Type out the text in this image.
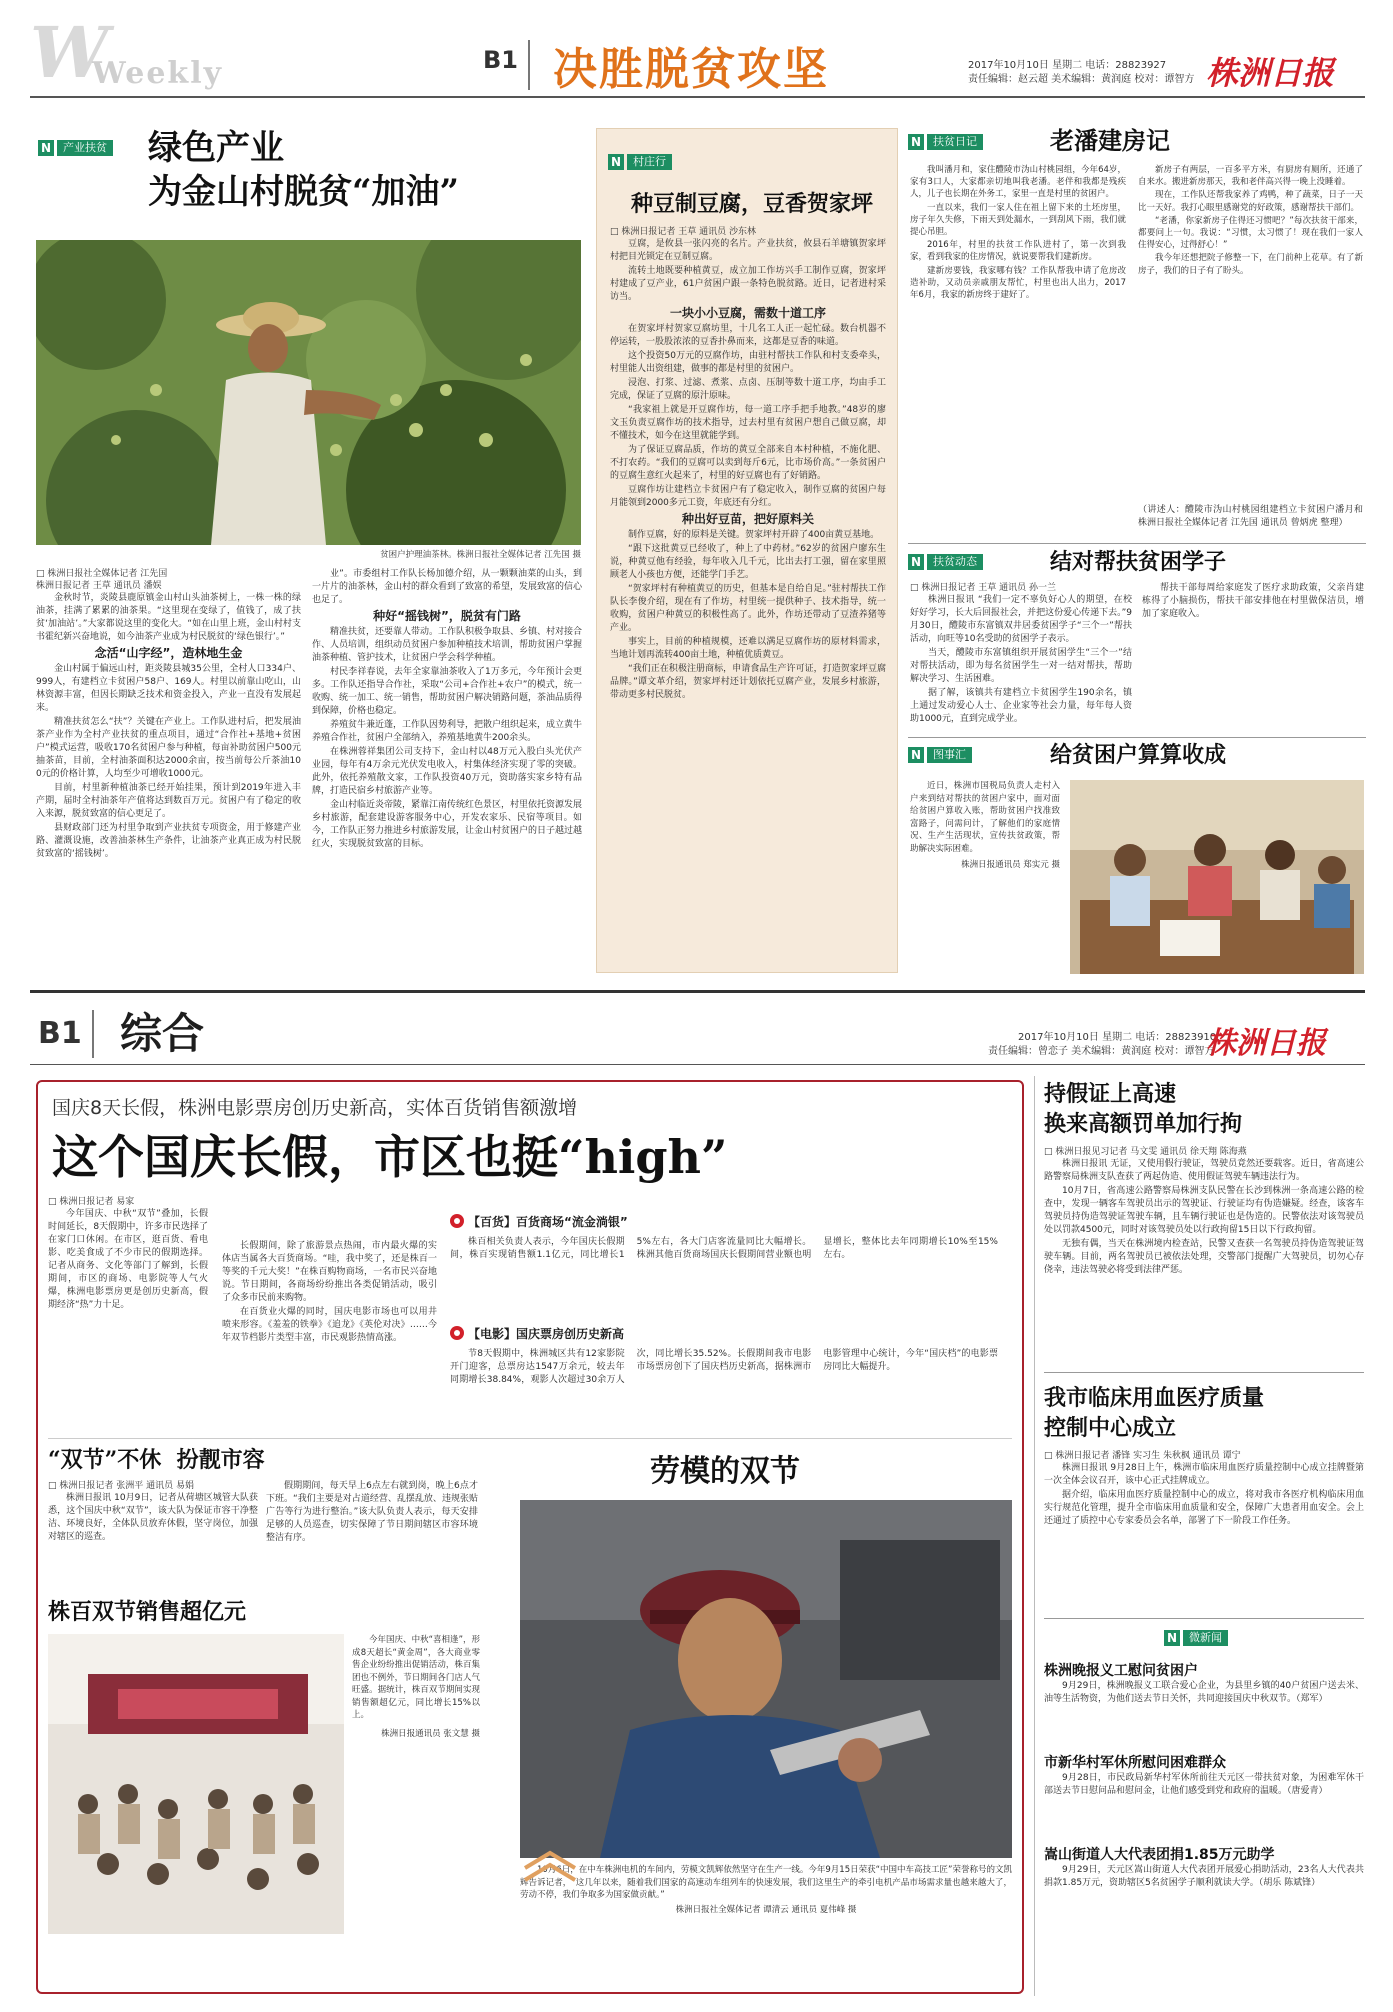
W
Weekly	B1 决胜脱贫攻坚	2017年10月10日 星期二 电话：28823927
责任编辑：赵云超 美术编辑：黄润庭 校对：谭智方 株洲日报
N	产业扶贫 绿色产业
为金山村脱贫“加油”
贫困户护理油茶林。株洲日报社全媒体记者 江先国 摄
□ 株洲日报社全媒体记者 江先国
株洲日报记者 王草 通讯员 潘娱

金秋时节，炎陵县鹿原镇金山村山头油茶树上，一株一株的绿油茶，挂满了累累的油茶果。“这里现在变绿了，值钱了，成了扶贫‘加油站’。”大家都说这里的变化大。“如在山里上班，金山村村支书霍纪新兴奋地说，如今油茶产业成为村民脱贫的‘绿色银行’。”

念活“山字经”，造林地生金

金山村属于偏远山村，距炎陵县城35公里，全村人口334户、999人，有建档立卡贫困户58户、169人。村里以前靠山吃山，山林资源丰富，但因长期缺乏技术和资金投入，产业一直没有发展起来。

精准扶贫怎么“扶”？关键在产业上。工作队进村后，把发展油茶产业作为全村产业扶贫的重点项目，通过“合作社+基地+贫困户”模式运营，吸收170名贫困户参与种植，每亩补助贫困户500元抽茶苗，目前，全村油茶面积达2000余亩，按当前每公斤茶油100元的价格计算，人均至少可增收1000元。

目前，村里新种植油茶已经开始挂果，预计到2019年进入丰产期，届时全村油茶年产值将达到数百万元。贫困户有了稳定的收入来源，脱贫致富的信心更足了。

县财政部门还为村里争取到产业扶贫专项资金，用于修建产业路、灌溉设施，改善油茶林生产条件，让油茶产业真正成为村民脱贫致富的‘摇钱树’。

业”。市委组村工作队长杨加德介绍，从一颗颗油菜的山头，到一片片的油茶林，金山村的群众看到了致富的希望，发展致富的信心也足了。

种好“摇钱树”，脱贫有门路

精准扶贫，还要靠人带动。工作队积极争取县、乡镇、村对接合作、人员培训，组织动员贫困户参加种植技术培训，帮助贫困户掌握油茶种植、管护技术，让贫困户学会科学种植。

村民李祥春说，去年全家靠油茶收入了1万多元，今年预计会更多。工作队还指导合作社，采取“公司+合作社+农户”的模式，统一收购、统一加工、统一销售，帮助贫困户解决销路问题，茶油品质得到保障，价格也稳定。

养殖贫牛兼近蓬，工作队因势利导，把散户组织起来，成立黄牛养殖合作社，贫困户全部纳入，养殖基地黄牛200余头。

在株洲蓉祥集团公司支持下，金山村以48万元入股白头光伏产业园，每年有4万余元光伏发电收入，村集体经济实现了零的突破。此外，依托养殖散文家，工作队投资40万元，资助落实家乡特有品牌，打造民宿乡村旅游产业等。

金山村临近炎帝陵，紧靠江南传统红色景区，村里依托资源发展乡村旅游，配套建设游客服务中心，开发农家乐、民宿等项目。如今，工作队正努力推进乡村旅游发展，让金山村贫困户的日子越过越红火，实现脱贫致富的目标。

N	村庄行
种豆制豆腐，豆香贺家坪
□ 株洲日报记者 王草 通讯员 沙东林

豆腐，是攸县一张闪亮的名片。产业扶贫，攸县石羊塘镇贺家坪村把目光锁定在豆制豆腐。

流转土地既要种植黄豆，成立加工作坊兴手工制作豆腐，贺家坪村建成了豆产业，61户贫困户跟一条特色脱贫路。近日，记者进村采访当。

一块小小豆腐，需数十道工序

在贺家坪村贺家豆腐坊里，十几名工人正一起忙碌。数台机器不停运转，一股股浓浓的豆香扑鼻而来，这都是豆香的味道。

这个投资50万元的豆腐作坊，由驻村帮扶工作队和村支委牵头，村里能人出资组建，做事的都是村里的贫困户。

浸泡、打浆、过滤、煮浆、点卤、压制等数十道工序，均由手工完成，保证了豆腐的原汁原味。

“我家祖上就是开豆腐作坊，每一道工序手把手地教。”48岁的廖文玉负责豆腐作坊的技术指导，过去村里有贫困户想自己做豆腐，却不懂技术，如今在这里就能学到。

为了保证豆腐品质，作坊的黄豆全部来自本村种植，不施化肥、不打农药。“我们的豆腐可以卖到每斤6元，比市场价高。”一条贫困户的豆腐生意红火起来了，村里的好豆腐也有了好销路。

豆腐作坊让建档立卡贫困户有了稳定收入，制作豆腐的贫困户每月能领到2000多元工资，年底还有分红。

种出好豆苗，把好原料关

制作豆腐，好的原料是关键。贺家坪村开辟了400亩黄豆基地。

“跟下这批黄豆已经收了，种上了中药材。”62岁的贫困户廖东生说，种黄豆他有经验，每年收入几千元，比出去打工强，留在家里照顾老人小孩也方便，还能学门手艺。

“贺家坪村有种植黄豆的历史，但基本是自给自足。”驻村帮扶工作队长李俊介绍，现在有了作坊，村里统一提供种子、技术指导，统一收购，贫困户种黄豆的积极性高了。此外，作坊还带动了豆渣养猪等产业。

事实上，目前的种植规模，还难以满足豆腐作坊的原材料需求，当地计划再流转400亩土地，种植优质黄豆。

“我们正在积极注册商标，申请食品生产许可证，打造贺家坪豆腐品牌。”谭文革介绍，贺家坪村还计划依托豆腐产业，发展乡村旅游，带动更多村民脱贫。

N	扶贫日记	老潘建房记

我叫潘月和，家住醴陵市沩山村桃园组，今年64岁，家有3口人，大家都亲切地叫我老潘。老伴和我都是残疾人，儿子也长期在外务工，家里一直是村里的贫困户。

一直以来，我们一家人住在祖上留下来的土坯房里，房子年久失修，下雨天到处漏水，一到刮风下雨，我们就提心吊胆。

2016年，村里的扶贫工作队进村了，第一次到我家，看到我家的住房情况，就说要帮我们建新房。

建新房要钱，我家哪有钱？工作队帮我申请了危房改造补助，又动员亲戚朋友帮忙，村里也出人出力，2017年6月，我家的新房终于建好了。

新房子有两层，一百多平方米，有厨房有厕所，还通了自来水。搬进新房那天，我和老伴高兴得一晚上没睡着。

现在，工作队还帮我家养了鸡鸭，种了蔬菜，日子一天比一天好。我打心眼里感谢党的好政策，感谢帮扶干部们。

“老潘，你家新房子住得还习惯吧？”每次扶贫干部来，都要问上一句。我说：“习惯，太习惯了！现在我们一家人住得安心，过得舒心！”

我今年还想把院子修整一下，在门前种上花草。有了新房子，我们的日子有了盼头。

（讲述人：醴陵市沩山村桃园组建档立卡贫困户潘月和 株洲日报社全媒体记者 江先国 通讯员 曾炳虎 整理）
N	扶贫动态	结对帮扶贫困学子
□ 株洲日报记者 王草 通讯员 孙一兰

株洲日报讯 “我们一定不辜负好心人的期望，在校好好学习，长大后回报社会，并把这份爱心传递下去。”9月30日，醴陵市东富镇双井居委贫困学子“三个一”帮扶活动，向旺等10名受助的贫困学子表示。

当天，醴陵市东富镇组织开展贫困学生“三个一”结对帮扶活动，即为每名贫困学生一对一结对帮扶，帮助解决学习、生活困难。

据了解，该镇共有建档立卡贫困学生190余名，镇上通过发动爱心人士、企业家等社会力量，每年每人资助1000元，直到完成学业。

帮扶干部每周给家庭发了医疗求助政策，父亲肖建栋得了小脑损伤，帮扶干部安排他在村里做保洁员，增加了家庭收入。

N	图事汇	给贫困户算算收成

近日，株洲市国税局负责人走村入户来到结对帮扶的贫困户家中，面对面给贫困户算收入账，帮助贫困户找准致富路子，问需问计，了解他们的家庭情况、生产生活现状，宣传扶贫政策，帮助解决实际困难。

株洲日报通讯员 郑实元 摄
B1 综合	2017年10月10日 星期二 电话：28823910
责任编辑：曾恋子 美术编辑：黄润庭 校对：谭智方
株洲日报
国庆8天长假，株洲电影票房创历史新高，实体百货销售额激增
这个国庆长假，市区也挺“high”
□ 株洲日报记者 易家

今年国庆、中秋“双节”叠加，长假时间延长，8天假期中，许多市民选择了在家门口休闲。在市区，逛百货、看电影、吃美食成了不少市民的假期选择。记者从商务、文化等部门了解到，长假期间，市区的商场、电影院等人气火爆，株洲电影票房更是创历史新高，假期经济“热”力十足。

长假期间，除了旅游景点热闹，市内最火爆的实体店当属各大百货商场。“哇，我中奖了，还是株百一等奖的千元大奖！”在株百购物商场，一名市民兴奋地说。节日期间，各商场纷纷推出各类促销活动，吸引了众多市民前来购物。

在百货业火爆的同时，国庆电影市场也可以用井喷来形容。《羞羞的铁拳》《追龙》《英伦对决》……今年双节档影片类型丰富，市民观影热情高涨。

【百货】百货商场“流金淌银”

株百相关负责人表示，今年国庆长假期间，株百实现销售额1.1亿元，同比增长15%左右，各大门店客流量同比大幅增长。株洲其他百货商场国庆长假期间营业额也明显增长，整体比去年同期增长10%至15%左右。

【电影】国庆票房创历史新高

节8天假期中，株洲城区共有12家影院开门迎客，总票房达1547万余元，较去年同期增长38.84%，观影人次超过30余万人次，同比增长35.52%。长假期间我市电影市场票房创下了国庆档历史新高，据株洲市电影管理中心统计，今年“国庆档”的电影票房同比大幅提升。

“双节”不休  扮靓市容
□ 株洲日报记者 张洲平 通讯员 易娟

株洲日报讯 10月9日，记者从荷塘区城管大队获悉，这个国庆中秋“双节”，该大队为保证市容干净整洁、环境良好，全体队员放弃休假，坚守岗位，加强对辖区的巡查。

假期期间，每天早上6点左右就到岗，晚上6点才下班。“我们主要是对占道经营、乱摆乱放、违规张贴广告等行为进行整治。”该大队负责人表示，每天安排足够的人员巡查，切实保障了节日期间辖区市容环境整洁有序。

株百双节销售超亿元

今年国庆、中秋“喜相逢”，形成8天超长“黄金周”，各大商业零售企业纷纷推出促销活动，株百集团也不例外，节日期间各门店人气旺盛。据统计，株百双节期间实现销售额超亿元，同比增长15%以上。

株洲日报通讯员 张文慧 摄
劳模的双节

10月6日，在中车株洲电机的车间内，劳模文凯辉依然坚守在生产一线。今年9月15日荣获“中国中车高技工匠”荣誉称号的文凯辉告诉记者，“这几年以来，随着我们国家的高速动车组列车的快速发展，我们这里生产的牵引电机产品市场需求量也越来越大了，劳动不停，我们争取多为国家做贡献。”

株洲日报社全媒体记者 谭清云 通讯员 夏伟峰 摄
持假证上高速
换来高额罚单加行拘
□ 株洲日报见习记者 马文雯 通讯员 徐天翔 陈海燕

株洲日报讯 无证，又使用假行驶证，驾驶员竟然还要载客。近日，省高速公路警察局株洲支队查获了两起伪造、使用假证驾驶车辆违法行为。

10月7日，省高速公路警察局株洲支队民警在长沙到株洲一条高速公路的检查中，发现一辆客车驾驶员出示的驾驶证、行驶证均有伪造嫌疑。经查，该客车驾驶员持伪造驾驶证驾驶车辆，且车辆行驶证也是伪造的。民警依法对该驾驶员处以罚款4500元，同时对该驾驶员处以行政拘留15日以下行政拘留。

无独有偶，当天在株洲境内检查站，民警又查获一名驾驶员持伪造驾驶证驾驶车辆。目前，两名驾驶员已被依法处理，交警部门提醒广大驾驶员，切勿心存侥幸，违法驾驶必将受到法律严惩。

我市临床用血医疗质量
控制中心成立
□ 株洲日报记者 潘锋 实习生 朱秋枫 通讯员 谭宁

株洲日报讯 9月28日上午，株洲市临床用血医疗质量控制中心成立挂牌暨第一次全体会议召开，该中心正式挂牌成立。

据介绍，临床用血医疗质量控制中心的成立，将对我市各医疗机构临床用血实行规范化管理，提升全市临床用血质量和安全，保障广大患者用血安全。会上还通过了质控中心专家委员会名单，部署了下一阶段工作任务。

N	微新闻
株洲晚报义工慰问贫困户

9月29日，株洲晚报义工联合爱心企业，为县里乡镇的40户贫困户送去米、油等生活物资，为他们送去节日关怀，共同迎接国庆中秋双节。（郑军）

市新华村军休所慰问困难群众

9月28日，市民政局新华村军休所前往天元区一带扶贫对象，为困难军休干部送去节日慰问品和慰问金，让他们感受到党和政府的温暖。（唐爱青）

嵩山街道人大代表团捐1.85万元助学

9月29日，天元区嵩山街道人大代表团开展爱心捐助活动，23名人大代表共捐款1.85万元，资助辖区5名贫困学子顺利就读大学。（胡乐 陈斌锋）
